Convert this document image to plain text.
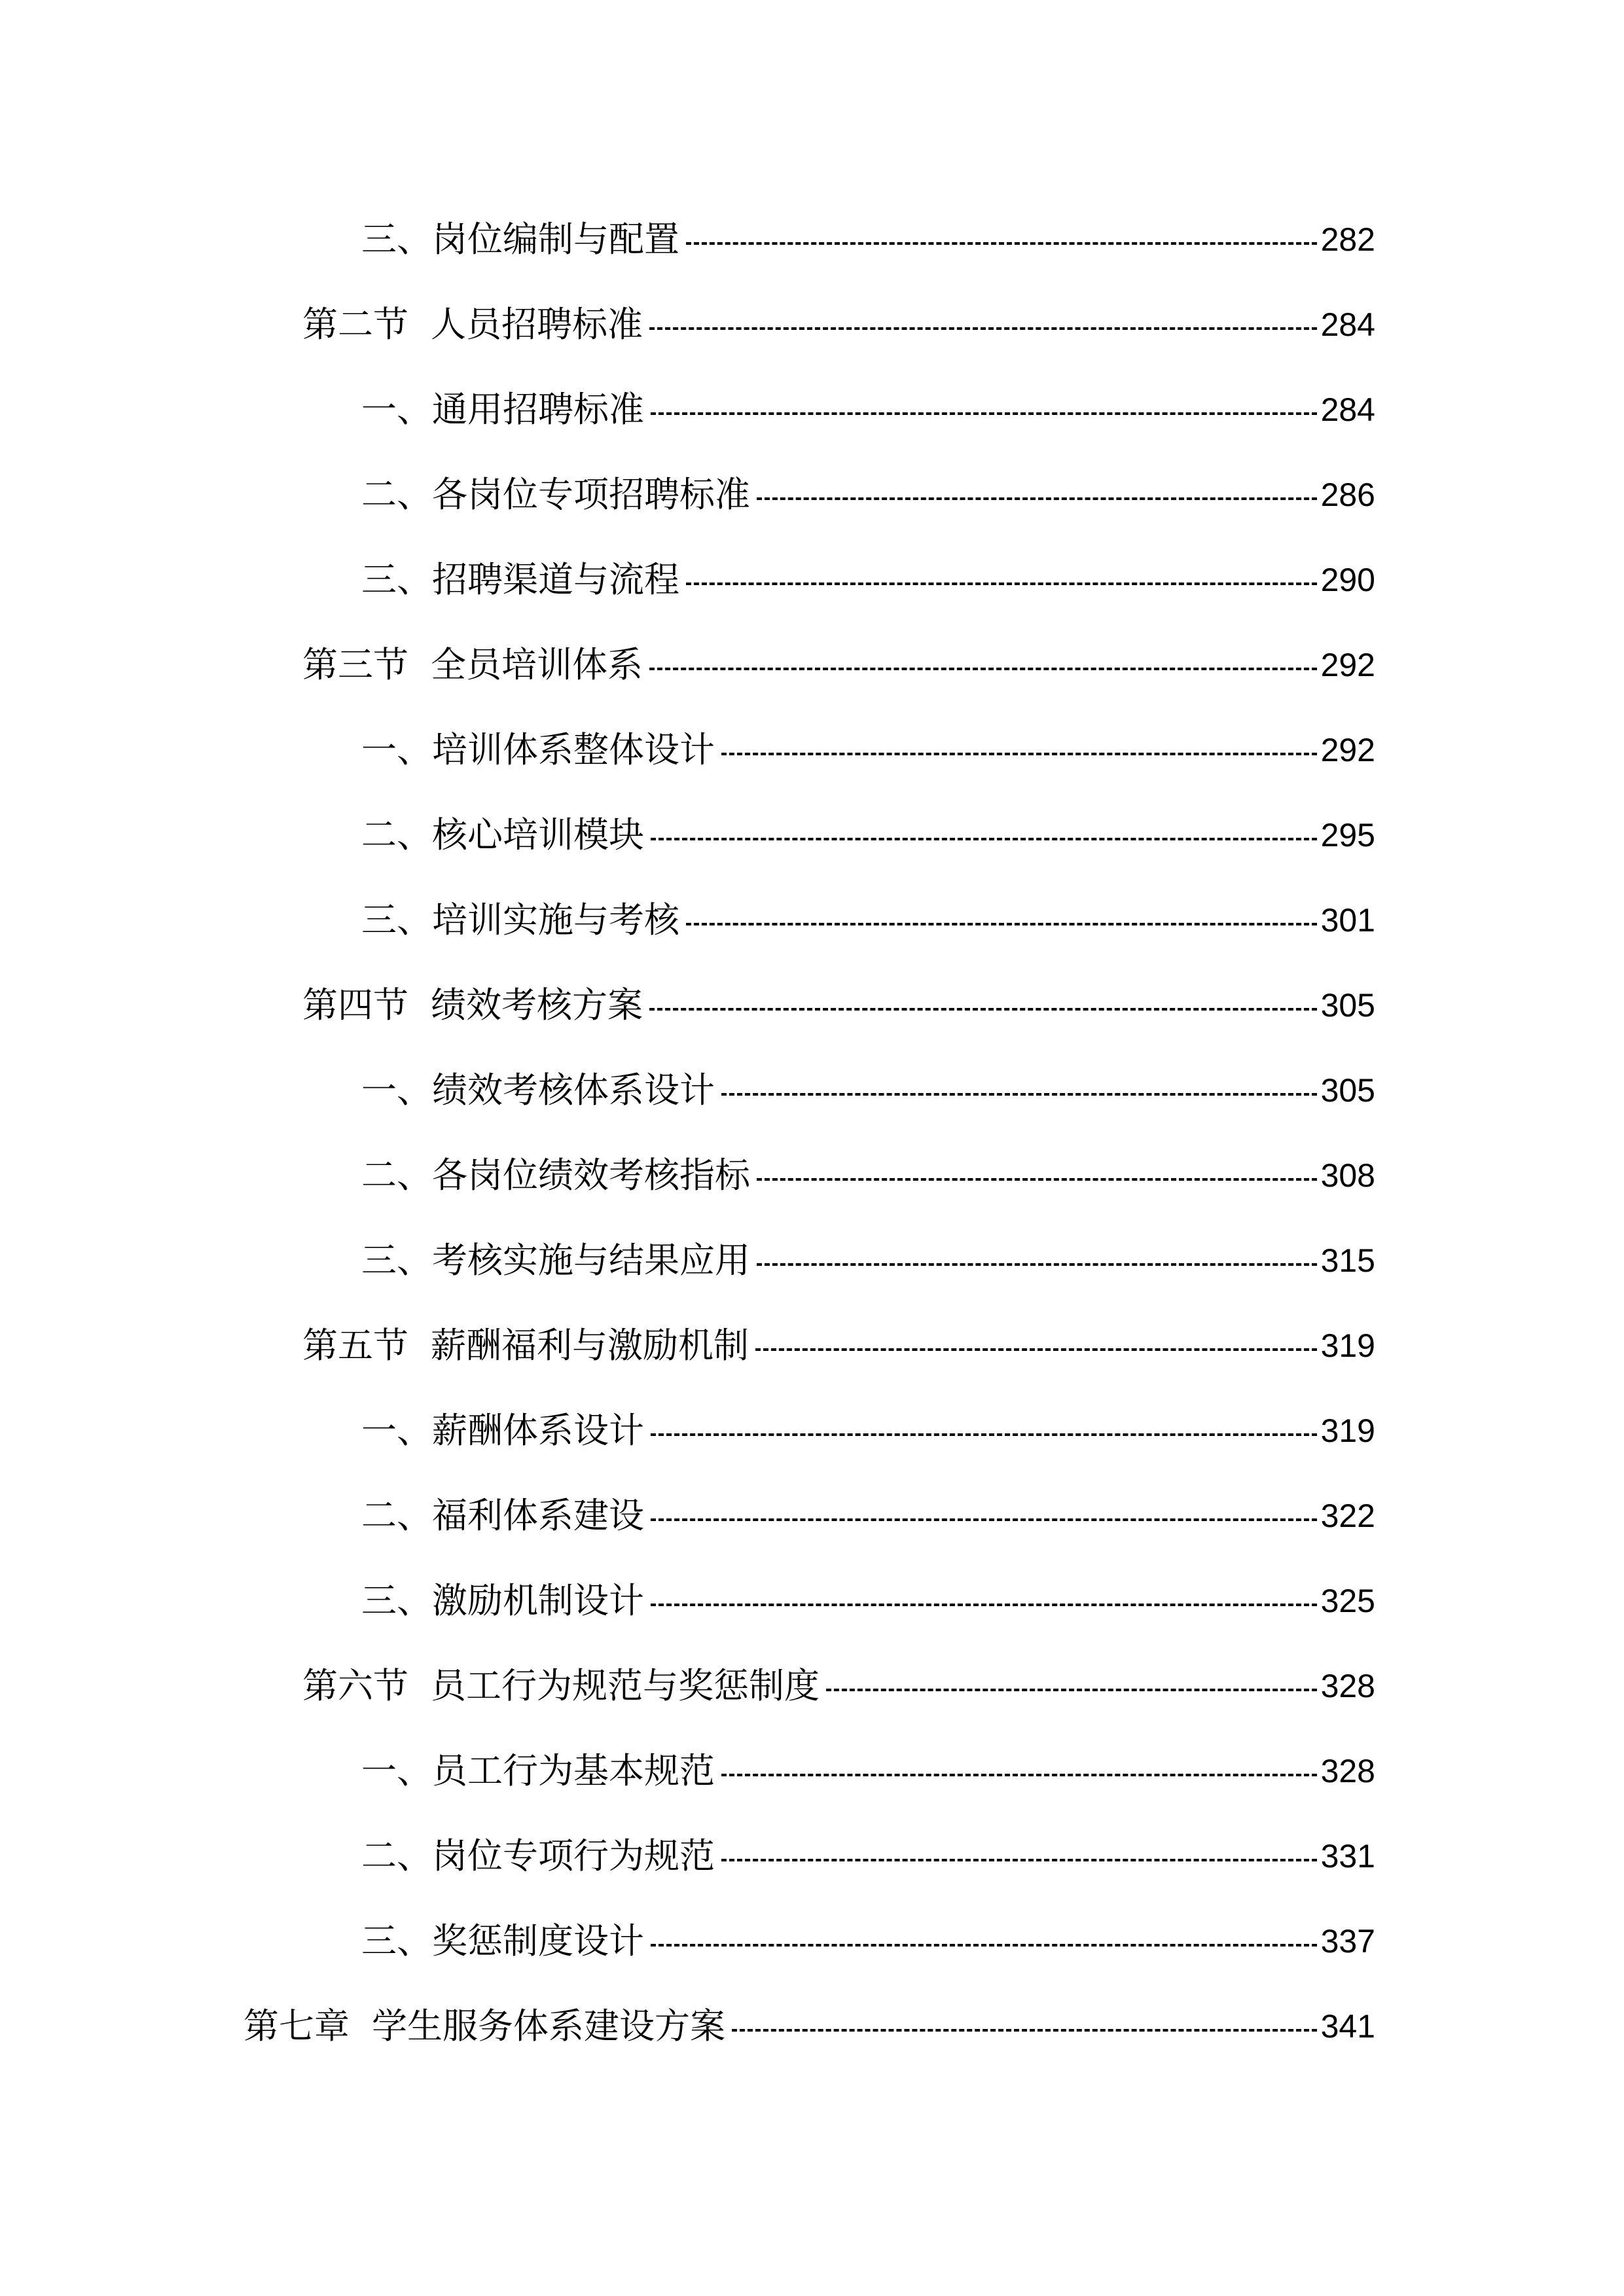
三、岗位编制与配置	282
第二节 人员招聘标准	284
一、通用招聘标准	284
二、各岗位专项招聘标准	286
三、招聘渠道与流程	290
第三节 全员培训体系	292
一、培训体系整体设计	292
二、核心培训模块	295
三、培训实施与考核	301
第四节 绩效考核方案	305
一、绩效考核体系设计	305
二、各岗位绩效考核指标	308
三、考核实施与结果应用	315
第五节 薪酬福利与激励机制	319
一、薪酬体系设计	319
二、福利体系建设	322
三、激励机制设计	325
第六节 员工行为规范与奖惩制度	328
一、员工行为基本规范	328
二、岗位专项行为规范	331
三、奖惩制度设计	337
第七章 学生服务体系建设方案	341
